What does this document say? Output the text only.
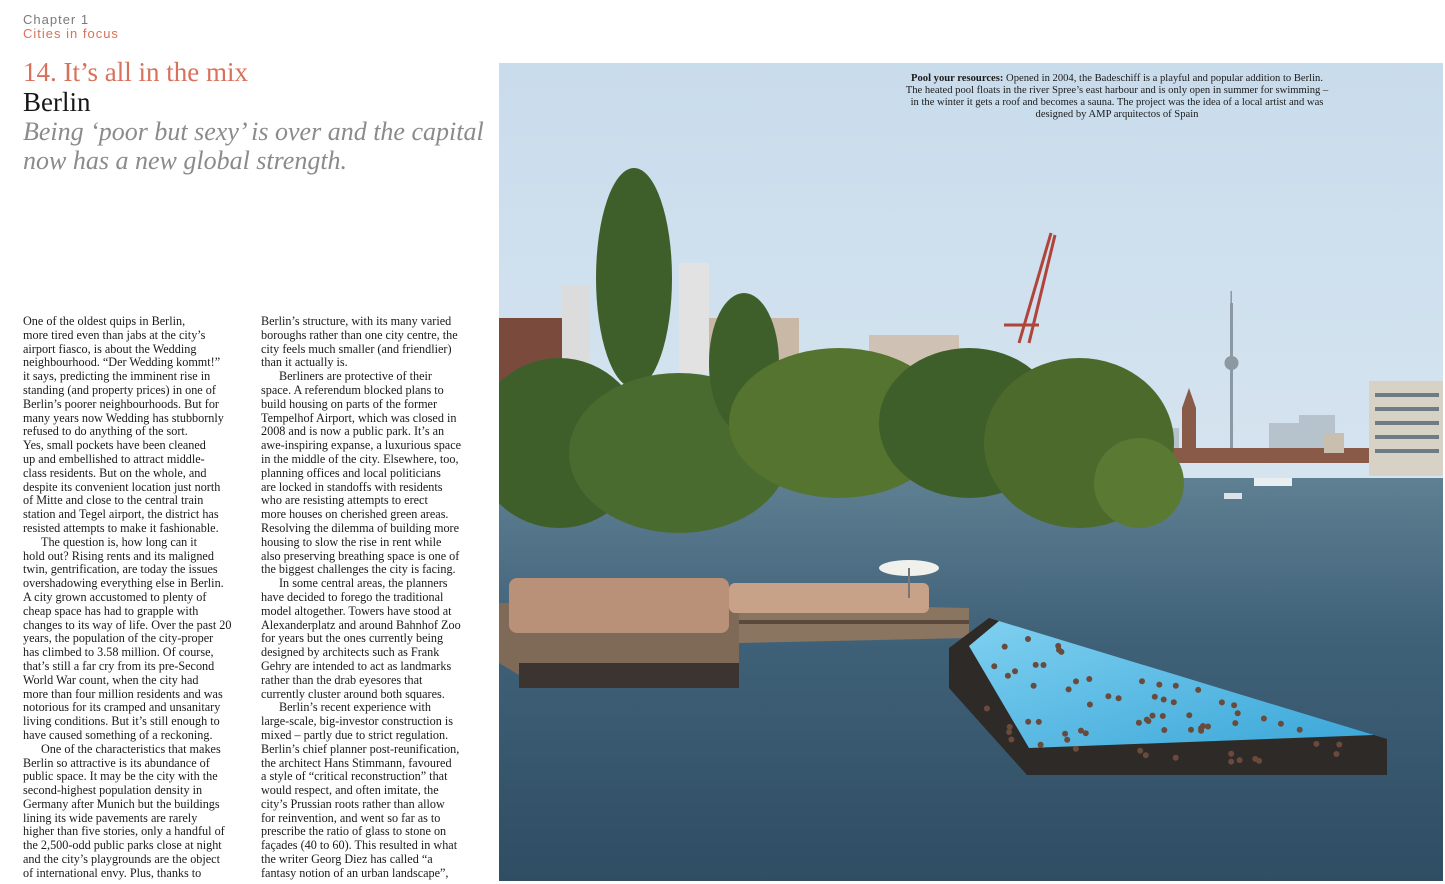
Chapter 1
Cities in focus
14. It’s all in the mix
Berlin
Being ‘poor but sexy’ is over and the capital now has a new global strength.
One of the oldest quips in Berlin,
more tired even than jabs at the city’s
airport fiasco, is about the Wedding
neighbourhood. “Der Wedding kommt!”
it says, predicting the imminent rise in
standing (and property prices) in one of
Berlin’s poorer neighbourhoods. But for
many years now Wedding has stubbornly
refused to do anything of the sort.
Yes, small pockets have been cleaned
up and embellished to attract middle-
class residents. But on the whole, and
despite its convenient location just north
of Mitte and close to the central train
station and Tegel airport, the district has
resisted attempts to make it fashionable.
The question is, how long can it
hold out? Rising rents and its maligned
twin, gentrification, are today the issues
overshadowing everything else in Berlin.
A city grown accustomed to plenty of
cheap space has had to grapple with
changes to its way of life. Over the past 20
years, the population of the city-proper
has climbed to 3.58 million. Of course,
that’s still a far cry from its pre-Second
World War count, when the city had
more than four million residents and was
notorious for its cramped and unsanitary
living conditions. But it’s still enough to
have caused something of a reckoning.
One of the characteristics that makes
Berlin so attractive is its abundance of
public space. It may be the city with the
second-highest population density in
Germany after Munich but the buildings
lining its wide pavements are rarely
higher than five stories, only a handful of
the 2,500-odd public parks close at night
and the city’s playgrounds are the object
of international envy. Plus, thanks to
Berlin’s structure, with its many varied
boroughs rather than one city centre, the
city feels much smaller (and friendlier)
than it actually is.
Berliners are protective of their
space. A referendum blocked plans to
build housing on parts of the former
Tempelhof Airport, which was closed in
2008 and is now a public park. It’s an
awe-inspiring expanse, a luxurious space
in the middle of the city. Elsewhere, too,
planning offices and local politicians
are locked in standoffs with residents
who are resisting attempts to erect
more houses on cherished green areas.
Resolving the dilemma of building more
housing to slow the rise in rent while
also preserving breathing space is one of
the biggest challenges the city is facing.
In some central areas, the planners
have decided to forego the traditional
model altogether. Towers have stood at
Alexanderplatz and around Bahnhof Zoo
for years but the ones currently being
designed by architects such as Frank
Gehry are intended to act as landmarks
rather than the drab eyesores that
currently cluster around both squares.
Berlin’s recent experience with
large-scale, big-investor construction is
mixed – partly due to strict regulation.
Berlin’s chief planner post-reunification,
the architect Hans Stimmann, favoured
a style of “critical reconstruction” that
would respect, and often imitate, the
city’s Prussian roots rather than allow
for reinvention, and went so far as to
prescribe the ratio of glass to stone on
façades (40 to 60). This resulted in what
the writer Georg Diez has called “a
fantasy notion of an urban landscape”,
Pool your resources: Opened in 2004, the Badeschiff is a playful and popular addition to Berlin.
The heated pool floats in the river Spree’s east harbour and is only open in summer for swimming –
in the winter it gets a roof and becomes a sauna. The project was the idea of a local artist and was
designed by AMP arquitectos of Spain
